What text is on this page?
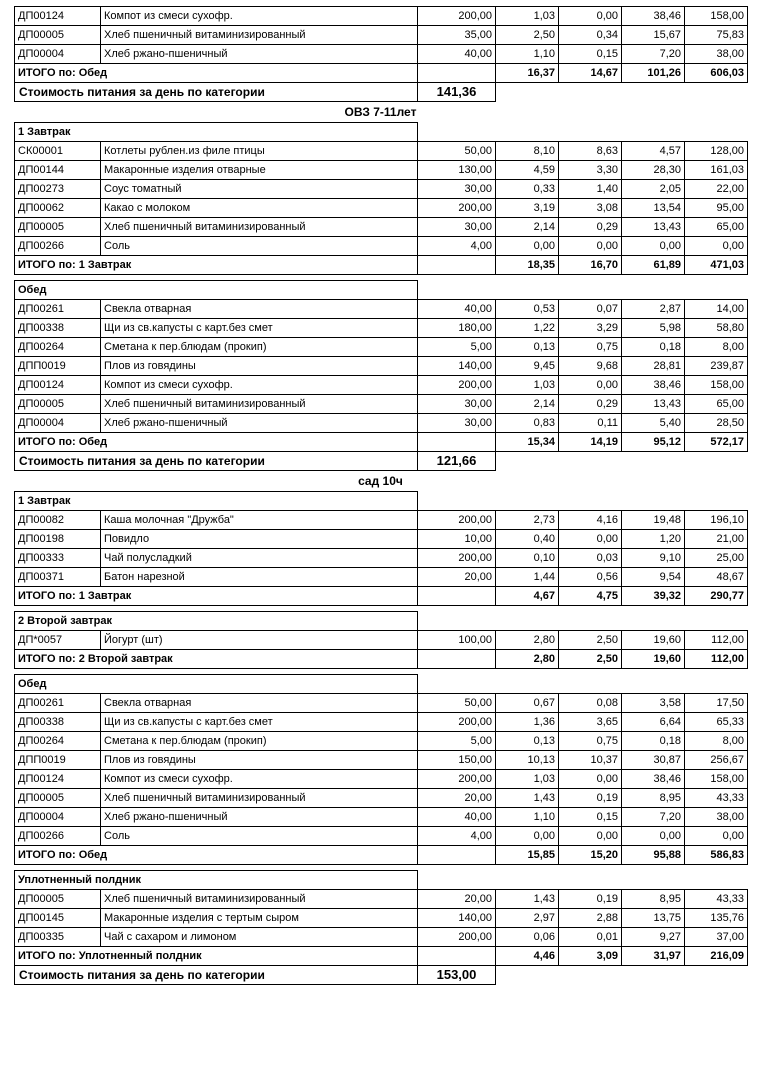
ДП00124	Компот из смеси сухофр.	200,00	1,03	0,00	38,46	158,00
ДП00005	Хлеб пшеничный витаминизированный	35,00	2,50	0,34	15,67	75,83
ДП00004	Хлеб ржано-пшеничный	40,00	1,10	0,15	7,20	38,00
ИТОГО по: Обед			16,37	14,67	101,26	606,03
Стоимость питания за день по категории		141,36				
ОВЗ 7-11лет
1 Завтрак						
СК00001	Котлеты рублен.из филе птицы	50,00	8,10	8,63	4,57	128,00
ДП00144	Макаронные изделия отварные	130,00	4,59	3,30	28,30	161,03
ДП00273	Соус томатный	30,00	0,33	1,40	2,05	22,00
ДП00062	Какао с молоком	200,00	3,19	3,08	13,54	95,00
ДП00005	Хлеб пшеничный витаминизированный	30,00	2,14	0,29	13,43	65,00
ДП00266	Соль	4,00	0,00	0,00	0,00	0,00
ИТОГО по: 1 Завтрак			18,35	16,70	61,89	471,03

Обед						
ДП00261	Свекла отварная	40,00	0,53	0,07	2,87	14,00
ДП00338	Щи из св.капусты с карт.без смет	180,00	1,22	3,29	5,98	58,80
ДП00264	Сметана к пер.блюдам (прокип)	5,00	0,13	0,75	0,18	8,00
ДПП0019	Плов из говядины	140,00	9,45	9,68	28,81	239,87
ДП00124	Компот из смеси сухофр.	200,00	1,03	0,00	38,46	158,00
ДП00005	Хлеб пшеничный витаминизированный	30,00	2,14	0,29	13,43	65,00
ДП00004	Хлеб ржано-пшеничный	30,00	0,83	0,11	5,40	28,50
ИТОГО по: Обед			15,34	14,19	95,12	572,17
Стоимость питания за день по категории		121,66				
сад 10ч
1 Завтрак						
ДП00082	Каша молочная "Дружба"	200,00	2,73	4,16	19,48	196,10
ДП00198	Повидло	10,00	0,40	0,00	1,20	21,00
ДП00333	Чай полусладкий	200,00	0,10	0,03	9,10	25,00
ДП00371	Батон нарезной	20,00	1,44	0,56	9,54	48,67
ИТОГО по: 1 Завтрак			4,67	4,75	39,32	290,77

2 Второй завтрак						
ДП*0057	Йогурт (шт)	100,00	2,80	2,50	19,60	112,00
ИТОГО по: 2 Второй завтрак			2,80	2,50	19,60	112,00

Обед						
ДП00261	Свекла отварная	50,00	0,67	0,08	3,58	17,50
ДП00338	Щи из св.капусты с карт.без смет	200,00	1,36	3,65	6,64	65,33
ДП00264	Сметана к пер.блюдам (прокип)	5,00	0,13	0,75	0,18	8,00
ДПП0019	Плов из говядины	150,00	10,13	10,37	30,87	256,67
ДП00124	Компот из смеси сухофр.	200,00	1,03	0,00	38,46	158,00
ДП00005	Хлеб пшеничный витаминизированный	20,00	1,43	0,19	8,95	43,33
ДП00004	Хлеб ржано-пшеничный	40,00	1,10	0,15	7,20	38,00
ДП00266	Соль	4,00	0,00	0,00	0,00	0,00
ИТОГО по: Обед			15,85	15,20	95,88	586,83

Уплотненный полдник						
ДП00005	Хлеб пшеничный витаминизированный	20,00	1,43	0,19	8,95	43,33
ДП00145	Макаронные изделия с тертым сыром	140,00	2,97	2,88	13,75	135,76
ДП00335	Чай с сахаром и лимоном	200,00	0,06	0,01	9,27	37,00
ИТОГО по: Уплотненный полдник			4,46	3,09	31,97	216,09
Стоимость питания за день по категории		153,00				
